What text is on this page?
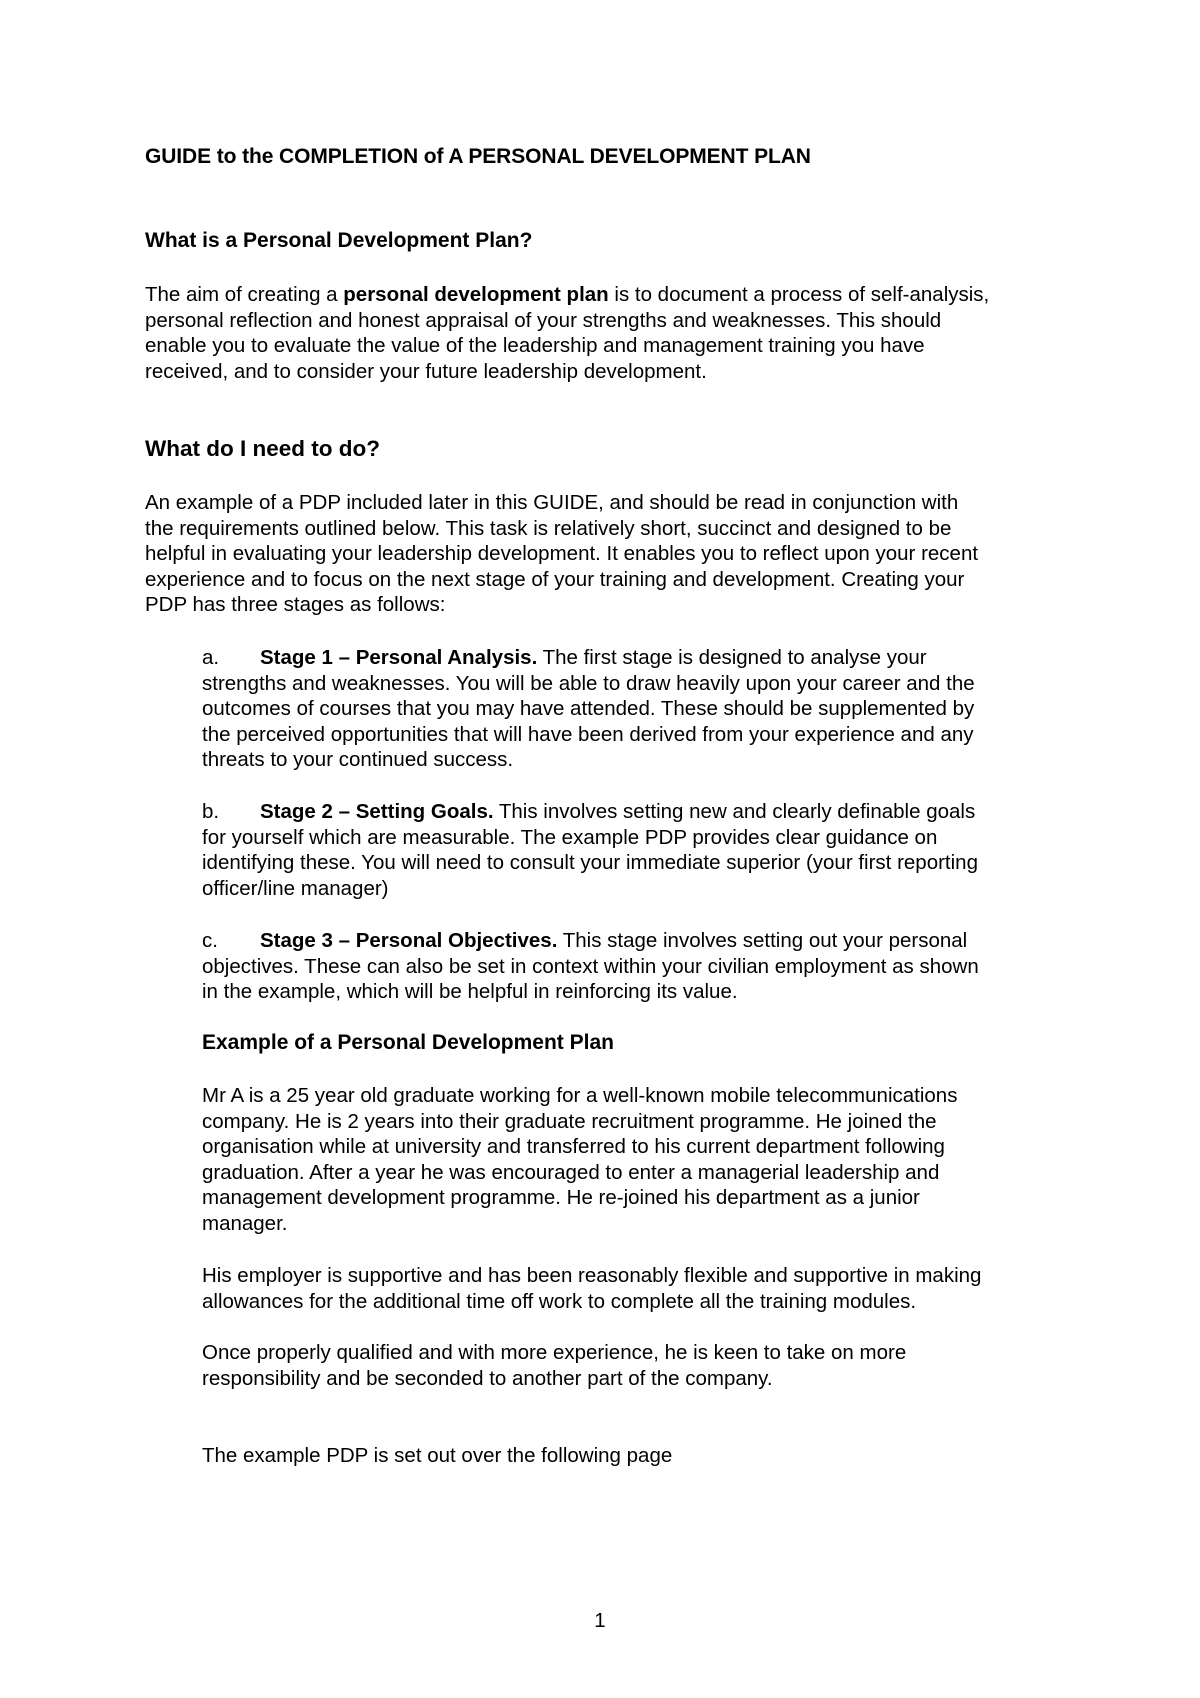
GUIDE to the COMPLETION of A PERSONAL DEVELOPMENT PLAN
What is a Personal Development Plan?

The aim of creating a personal development plan is to document a process of self-analysis,
personal reflection and honest appraisal of your strengths and weaknesses. This should
enable you to evaluate the value of the leadership and management training you have
received, and to consider your future leadership development.

What do I need to do?

An example of a PDP included later in this GUIDE, and should be read in conjunction with
the requirements outlined below. This task is relatively short, succinct and designed to be
helpful in evaluating your leadership development. It enables you to reflect upon your recent
experience and to focus on the next stage of your training and development. Creating your
PDP has three stages as follows:

a. Stage 1 – Personal Analysis. The first stage is designed to analyse your
strengths and weaknesses. You will be able to draw heavily upon your career and the
outcomes of courses that you may have attended. These should be supplemented by
the perceived opportunities that will have been derived from your experience and any
threats to your continued success.

b. Stage 2 – Setting Goals. This involves setting new and clearly definable goals
for yourself which are measurable. The example PDP provides clear guidance on
identifying these. You will need to consult your immediate superior (your first reporting
officer/line manager)

c. Stage 3 – Personal Objectives. This stage involves setting out your personal
objectives. These can also be set in context within your civilian employment as shown
in the example, which will be helpful in reinforcing its value.

Example of a Personal Development Plan

Mr A is a 25 year old graduate working for a well-known mobile telecommunications
company. He is 2 years into their graduate recruitment programme. He joined the
organisation while at university and transferred to his current department following
graduation. After a year he was encouraged to enter a managerial leadership and
management development programme. He re-joined his department as a junior
manager.

His employer is supportive and has been reasonably flexible and supportive in making
allowances for the additional time off work to complete all the training modules.

Once properly qualified and with more experience, he is keen to take on more
responsibility and be seconded to another part of the company.

The example PDP is set out over the following page

1
